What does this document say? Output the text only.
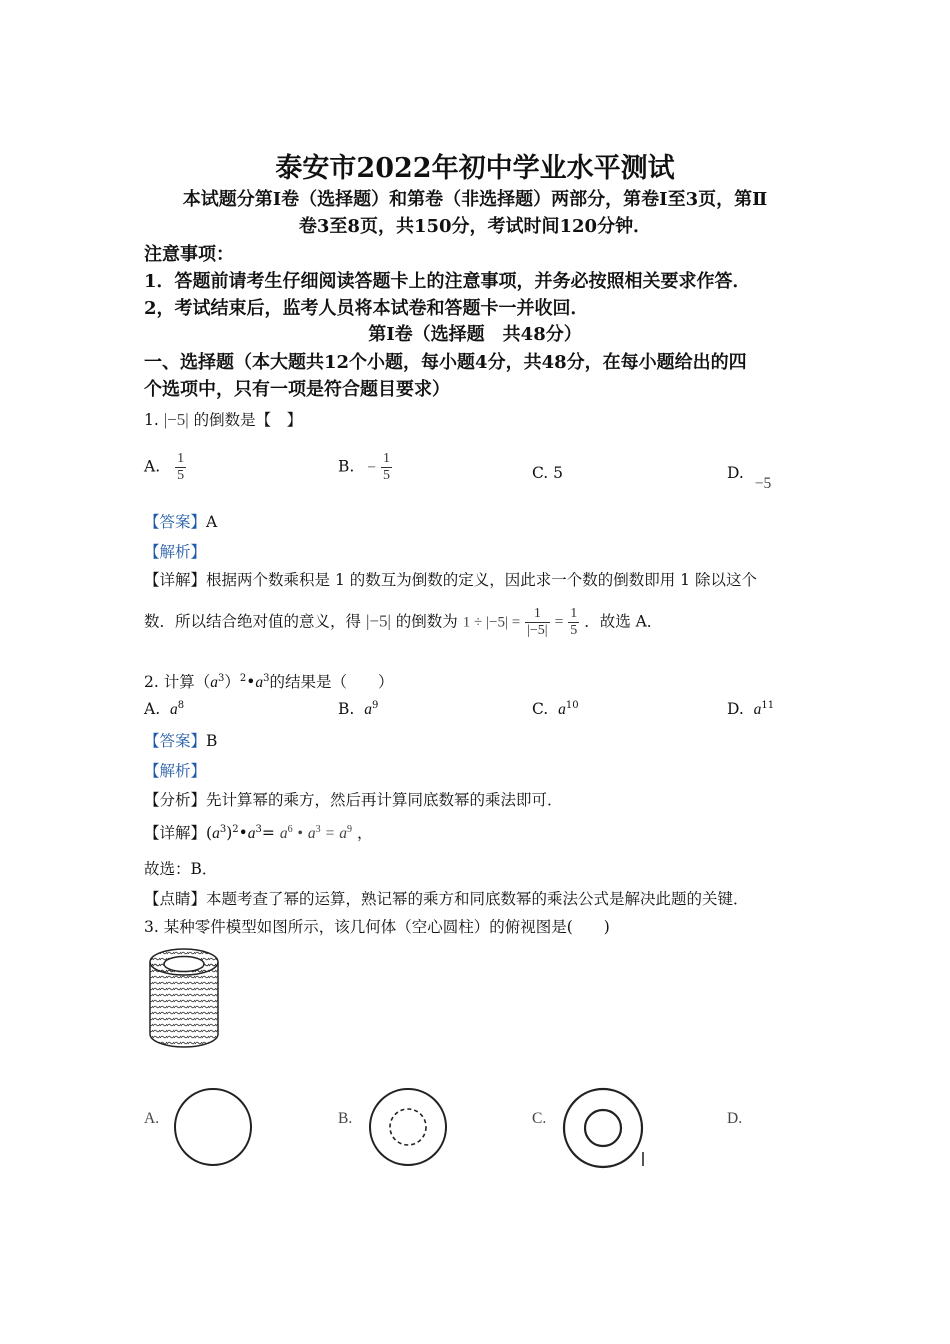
泰安市2022年初中学业水平测试
本试题分第Ⅰ卷（选择题）和第卷（非选择题）两部分，第卷Ⅰ至3页，第Ⅱ
卷3至8页，共150分，考试时间120分钟．
注意事项：
1．答题前请考生仔细阅读答题卡上的注意事项，并务必按照相关要求作答．
2，考试结束后，监考人员将本试卷和答题卡一并收回．
第Ⅰ卷（选择题　共48分）
一、选择题（本大题共12个小题，每小题4分，共48分，在每小题给出的四
个选项中，只有一项是符合题目要求）
1. |−5| 的倒数是【　】
A. $\frac{1}{5}$	B. − $\frac{1}{5}$	C. 5	D. −5
【答案】A
【解析】
【详解】根据两个数乘积是 1 的数互为倒数的定义，因此求一个数的倒数即用 1 除以这个
数．所以结合绝对值的意义，得 |−5| 的倒数为 $1 \div |-5| = \frac{1}{|-5|} = \frac{1}{5}$ ．故选 A．
2. 计算$(a^3)^2•a^3$的结果是（　　）
A. $a^8$	B. $a^9$	C. $a^{10}$	D. $a^{11}$
【答案】B
【解析】
【分析】先计算幂的乘方，然后再计算同底数幂的乘法即可．
【详解】$(a^3)^2•a^3= a^6$ • $a^3 = a^9$ ，
故选：B．
【点睛】本题考查了幂的运算，熟记幂的乘方和同底数幂的乘法公式是解决此题的关键．
3. 某种零件模型如图所示，该几何体（空心圆柱）的俯视图是(　　)
A.	B.	C.	D.
